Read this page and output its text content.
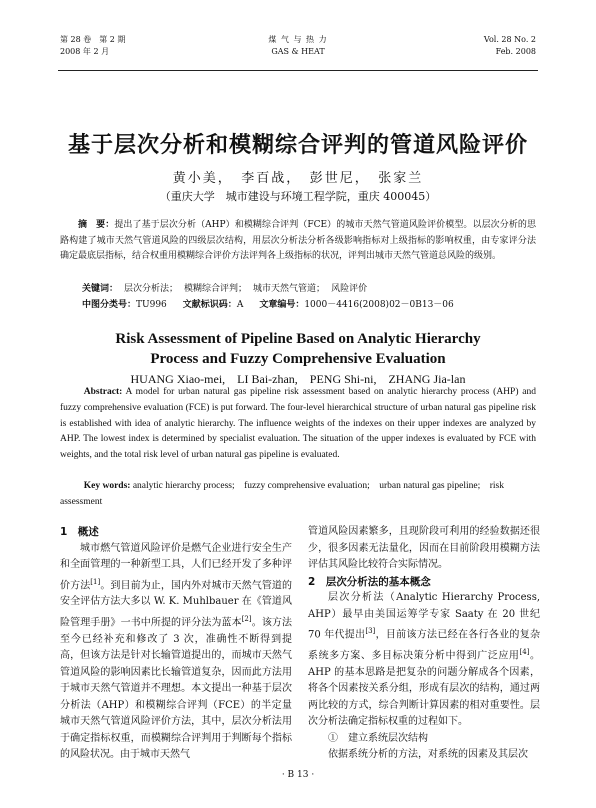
第 28 卷　第 2 期
2008 年 2 月
煤 气 与 热 力
GAS & HEAT
Vol. 28 No. 2
Feb. 2008
基于层次分析和模糊综合评判的管道风险评价
黄小美，　李百战，　彭世尼，　张家兰
（重庆大学　城市建设与环境工程学院，重庆 400045）
摘　要：提出了基于层次分析（AHP）和模糊综合评判（FCE）的城市天然气管道风险评价模型。以层次分析的思路构建了城市天然气管道风险的四级层次结构，用层次分析法分析各级影响指标对上级指标的影响权重，由专家评分法确定最底层指标，结合权重用模糊综合评价方法评判各上级指标的状况，评判出城市天然气管道总风险的级别。
关键词： 层次分析法； 模糊综合评判； 城市天然气管道； 风险评价
中图分类号：TU996 文献标识码：A 文章编号：1000－4416(2008)02－0B13－06
Risk Assessment of Pipeline Based on Analytic Hierarchy
Process and Fuzzy Comprehensive Evaluation
HUANG Xiao-mei,　LI Bai-zhan,　PENG Shi-ni,　ZHANG Jia-lan
Abstract: A model for urban natural gas pipeline risk assessment based on analytic hierarchy process (AHP) and fuzzy comprehensive evaluation (FCE) is put forward. The four-level hierarchical structure of urban natural gas pipeline risk is established with idea of analytic hierarchy. The influence weights of the indexes on their upper indexes are analyzed by AHP. The lowest index is determined by specialist evaluation. The situation of the upper indexes is evaluated by FCE with weights, and the total risk level of urban natural gas pipeline is evaluated.
Key words: analytic hierarchy process;　fuzzy comprehensive evaluation;　urban natural gas pipeline;　risk assessment
1　概述

城市燃气管道风险评价是燃气企业进行安全生产和全面管理的一种新型工具，人们已经开发了多种评价方法[1]。到目前为止，国内外对城市天然气管道的安全评估方法大多以 W. K. Muhlbauer 在《管道风险管理手册》一书中所提的评分法为蓝本[2]。该方法至今已经补充和修改了 3 次，准确性不断得到提高，但该方法是针对长输管道提出的，而城市天然气管道风险的影响因素比长输管道复杂，因而此方法用于城市天然气管道并不理想。本文提出一种基于层次分析法（AHP）和模糊综合评判（FCE）的半定量城市天然气管道风险评价方法，其中，层次分析法用于确定指标权重，而模糊综合评判用于判断每个指标的风险状况。由于城市天然气

管道风险因素繁多，且现阶段可利用的经验数据还很少，很多因素无法量化，因而在目前阶段用模糊方法评估其风险比较符合实际情况。

2　层次分析法的基本概念

层次分析法（Analytic Hierarchy Process, AHP）最早由美国运筹学专家 Saaty 在 20 世纪 70 年代提出[3]，目前该方法已经在各行各业的复杂系统多方案、多目标决策分析中得到广泛应用[4]。AHP 的基本思路是把复杂的问题分解成各个因素，将各个因素按关系分组，形成有层次的结构，通过两两比较的方式，综合判断计算因素的相对重要性。层次分析法确定指标权重的过程如下。

①　建立系统层次结构

依据系统分析的方法，对系统的因素及其层次

· B 13 ·
